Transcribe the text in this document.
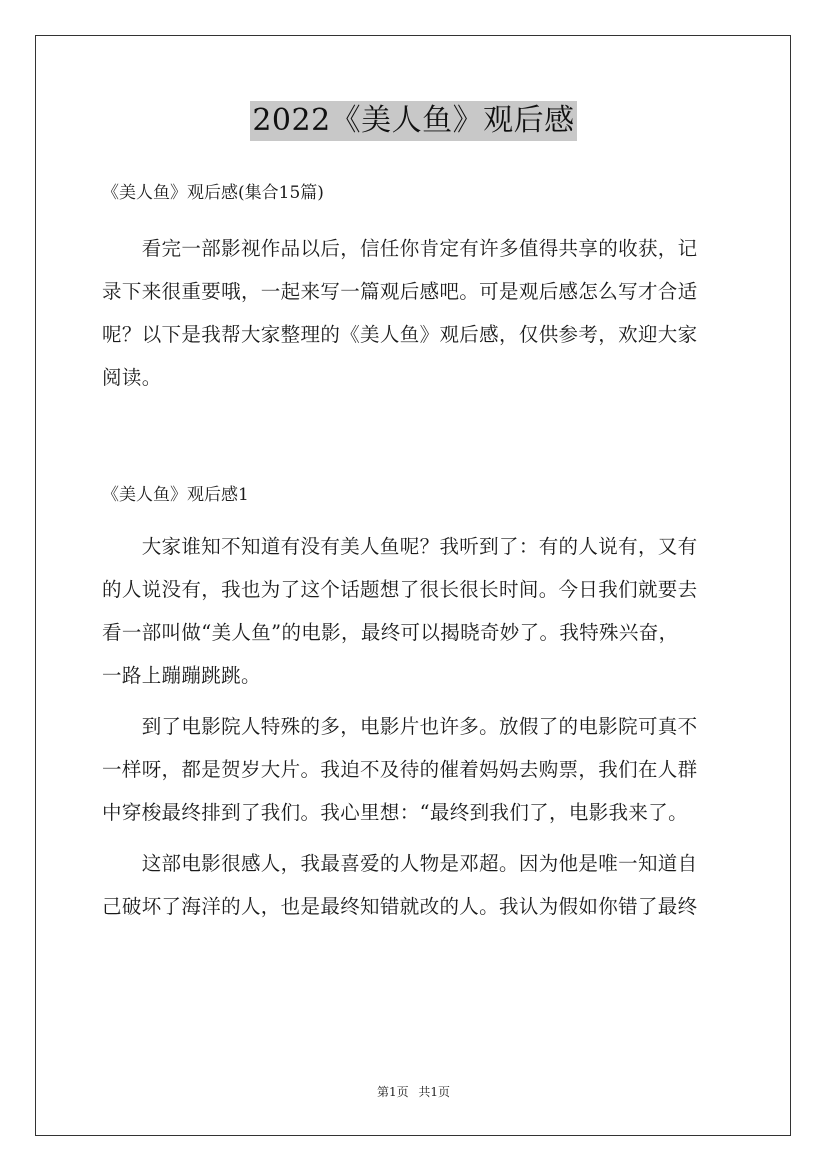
2022《美人鱼》观后感

《美人鱼》观后感(集合15篇)

　　看完一部影视作品以后，信任你肯定有许多值得共享的收获，记
录下来很重要哦，一起来写一篇观后感吧。可是观后感怎么写才合适
呢？以下是我帮大家整理的《美人鱼》观后感，仅供参考，欢迎大家
阅读。

《美人鱼》观后感1

　　大家谁知不知道有没有美人鱼呢？我听到了：有的人说有，又有
的人说没有，我也为了这个话题想了很长很长时间。今日我们就要去
看一部叫做“美人鱼”的电影，最终可以揭晓奇妙了。我特殊兴奋，
一路上蹦蹦跳跳。

　　到了电影院人特殊的多，电影片也许多。放假了的电影院可真不
一样呀，都是贺岁大片。我迫不及待的催着妈妈去购票，我们在人群
中穿梭最终排到了我们。我心里想：“最终到我们了，电影我来了。

　　这部电影很感人，我最喜爱的人物是邓超。因为他是唯一知道自
己破坏了海洋的人，也是最终知错就改的人。我认为假如你错了最终

第1页 共1页
